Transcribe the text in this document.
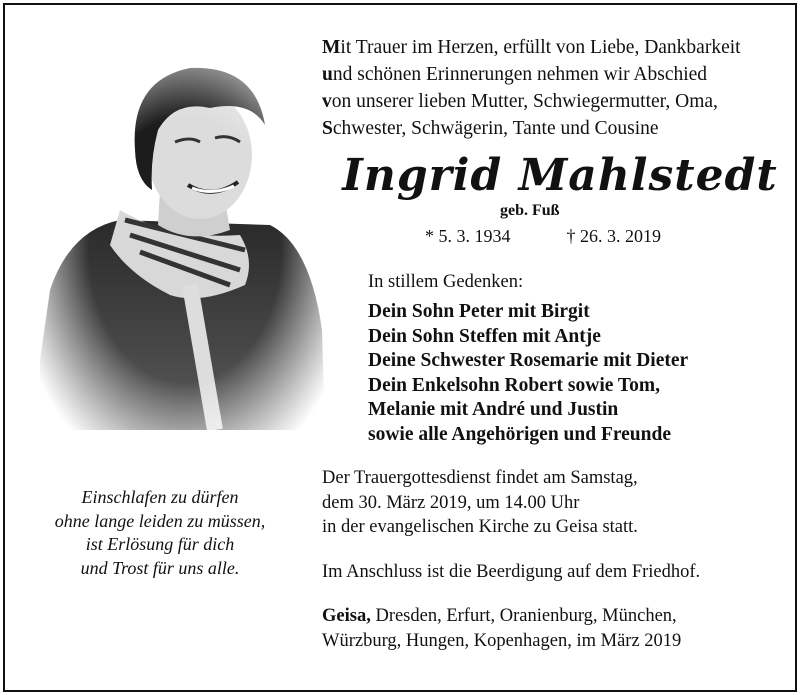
Mit Trauer im Herzen, erfüllt von Liebe, Dankbarkeit
und schönen Erinnerungen nehmen wir Abschied
von unserer lieben Mutter, Schwiegermutter, Oma,
Schwester, Schwägerin, Tante und Cousine
Ingrid Mahlstedt
geb. Fuß
* 5. 3. 1934	† 26. 3. 2019
In stillem Gedenken:
Dein Sohn Peter mit Birgit
Dein Sohn Steffen mit Antje
Deine Schwester Rosemarie mit Dieter
Dein Enkelsohn Robert sowie Tom,
Melanie mit André und Justin
sowie alle Angehörigen und Freunde
Der Trauergottesdienst findet am Samstag,
dem 30. März 2019, um 14.00 Uhr
in der evangelischen Kirche zu Geisa statt.
Im Anschluss ist die Beerdigung auf dem Friedhof.
Geisa, Dresden, Erfurt, Oranienburg, München,
Würzburg, Hungen, Kopenhagen, im März 2019
Einschlafen zu dürfen
ohne lange leiden zu müssen,
ist Erlösung für dich
und Trost für uns alle.
